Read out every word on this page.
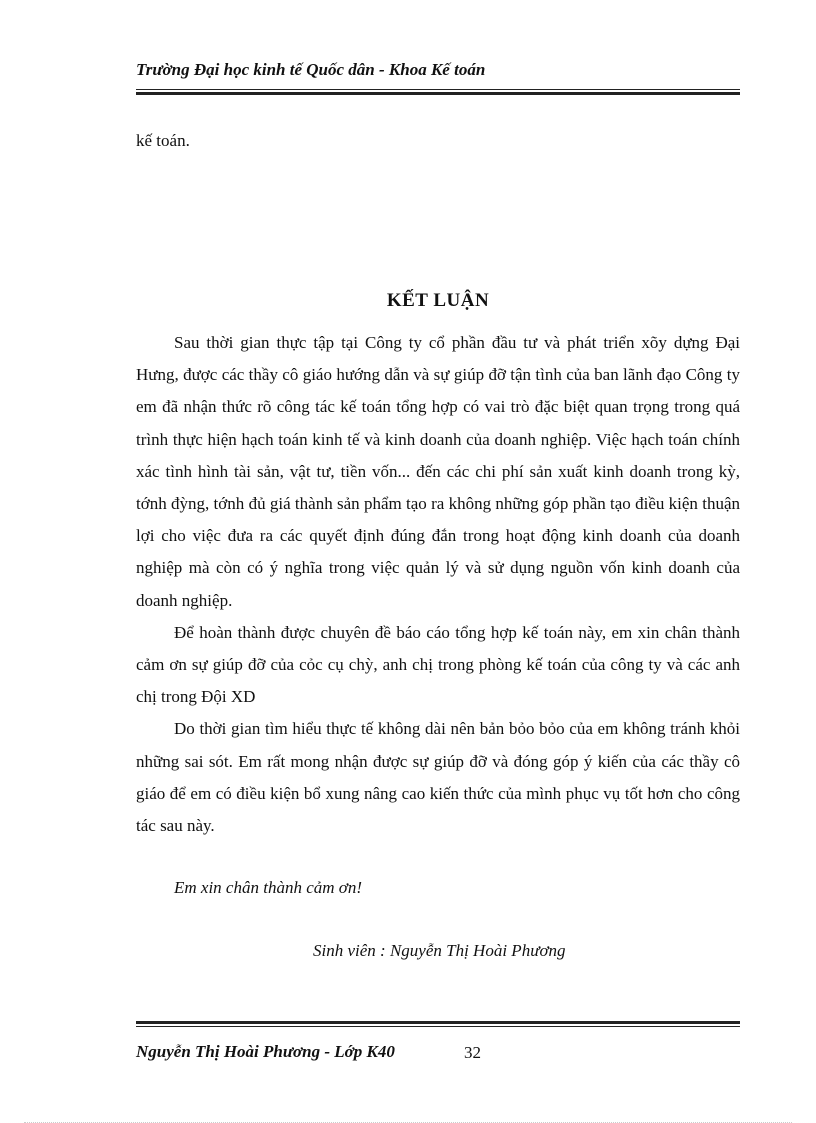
Trường Đại học kinh tế Quốc dân - Khoa Kế toán
kế toán.
KẾT LUẬN

Sau thời gian thực tập tại Công ty cổ phần đầu tư và phát triển xõy dựng Đại Hưng, được các thầy cô giáo hướng dẫn và sự giúp đỡ tận tình của ban lãnh đạo Công ty em đã nhận thức rõ công tác kế toán tổng hợp có vai trò đặc biệt quan trọng trong quá trình thực hiện hạch toán kinh tế và kinh doanh của doanh nghiệp. Việc hạch toán chính xác tình hình tài sản, vật tư, tiền vốn... đến các chi phí sản xuất kinh doanh trong kỳ, tớnh đỳng, tớnh đủ giá thành sản phẩm tạo ra không những góp phần tạo điều kiện thuận lợi cho việc đưa ra các quyết định đúng đắn trong hoạt động kinh doanh của doanh nghiệp mà còn có ý nghĩa trong việc quản lý và sử dụng nguồn vốn kinh doanh của doanh nghiệp.

Để hoàn thành được chuyên đề báo cáo tổng hợp kế toán này, em xin chân thành cảm ơn sự giúp đỡ của cỏc cụ chỳ, anh chị trong phòng kế toán của công ty và các anh chị trong Đội XD

Do thời gian tìm hiểu thực tế không dài nên bản bỏo bỏo của em không tránh khỏi những sai sót. Em rất mong nhận được sự giúp đỡ và đóng góp ý kiến của các thầy cô giáo để em có điều kiện bổ xung nâng cao kiến thức của mình phục vụ tốt hơn cho công tác sau này.

Em xin chân thành cảm ơn!
Sinh viên : Nguyễn Thị Hoài Phương
Nguyễn Thị Hoài Phương - Lớp K40	32
